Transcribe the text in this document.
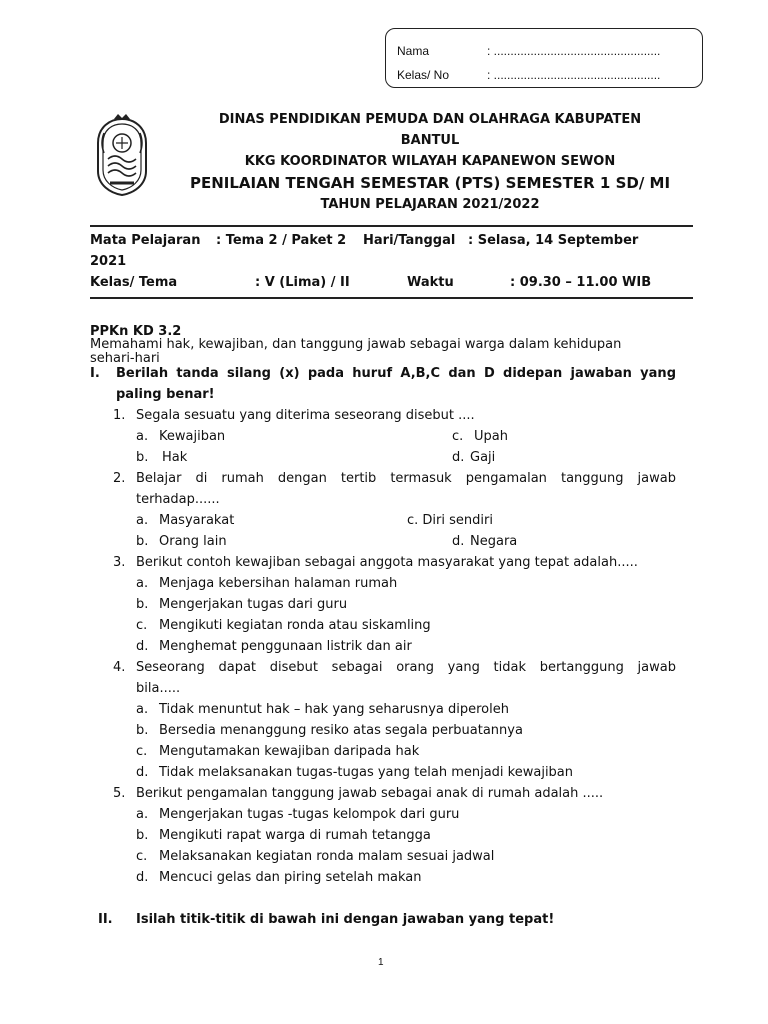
Nama	: ..................................................
Kelas/ No	: ..................................................
DINAS PENDIDIKAN PEMUDA DAN OLAHRAGA KABUPATEN
BANTUL
KKG KOORDINATOR WILAYAH KAPANEWON SEWON
PENILAIAN TENGAH SEMESTAR (PTS) SEMESTER 1 SD/ MI
TAHUN PELAJARAN 2021/2022
Mata Pelajaran : Tema 2 / Paket 2 Hari/Tanggal : Selasa, 14 September
2021
Kelas/ Tema	: V (Lima) / II	Waktu	: 09.30 – 11.00 WIB
PPKn KD 3.2
Memahami hak, kewajiban, dan tanggung jawab sebagai warga dalam kehidupan
sehari-hari
I. Berilah tanda silang (x) pada huruf A,B,C dan D didepan jawaban yang
paling benar!
1. Segala sesuatu yang diterima seseorang disebut ....
a. Kewajiban	c. Upah
b. Hak	d. Gaji
2. Belajar di rumah dengan tertib termasuk pengamalan tanggung jawab
terhadap......
a. Masyarakat	c. Diri sendiri
b. Orang lain	d. Negara
3. Berikut contoh kewajiban sebagai anggota masyarakat yang tepat adalah.....
a. Menjaga kebersihan halaman rumah
b. Mengerjakan tugas dari guru
c. Mengikuti kegiatan ronda atau siskamling
d. Menghemat penggunaan listrik dan air
4. Seseorang dapat disebut sebagai orang yang tidak bertanggung jawab
bila.....
a. Tidak menuntut hak – hak yang seharusnya diperoleh
b. Bersedia menanggung resiko atas segala perbuatannya
c. Mengutamakan kewajiban daripada hak
d. Tidak melaksanakan tugas-tugas yang telah menjadi kewajiban
5. Berikut pengamalan tanggung jawab sebagai anak di rumah adalah .....
a. Mengerjakan tugas -tugas kelompok dari guru
b. Mengikuti rapat warga di rumah tetangga
c. Melaksanakan kegiatan ronda malam sesuai jadwal
d. Mencuci gelas dan piring setelah makan
II. Isilah titik-titik di bawah ini dengan jawaban yang tepat!
1
